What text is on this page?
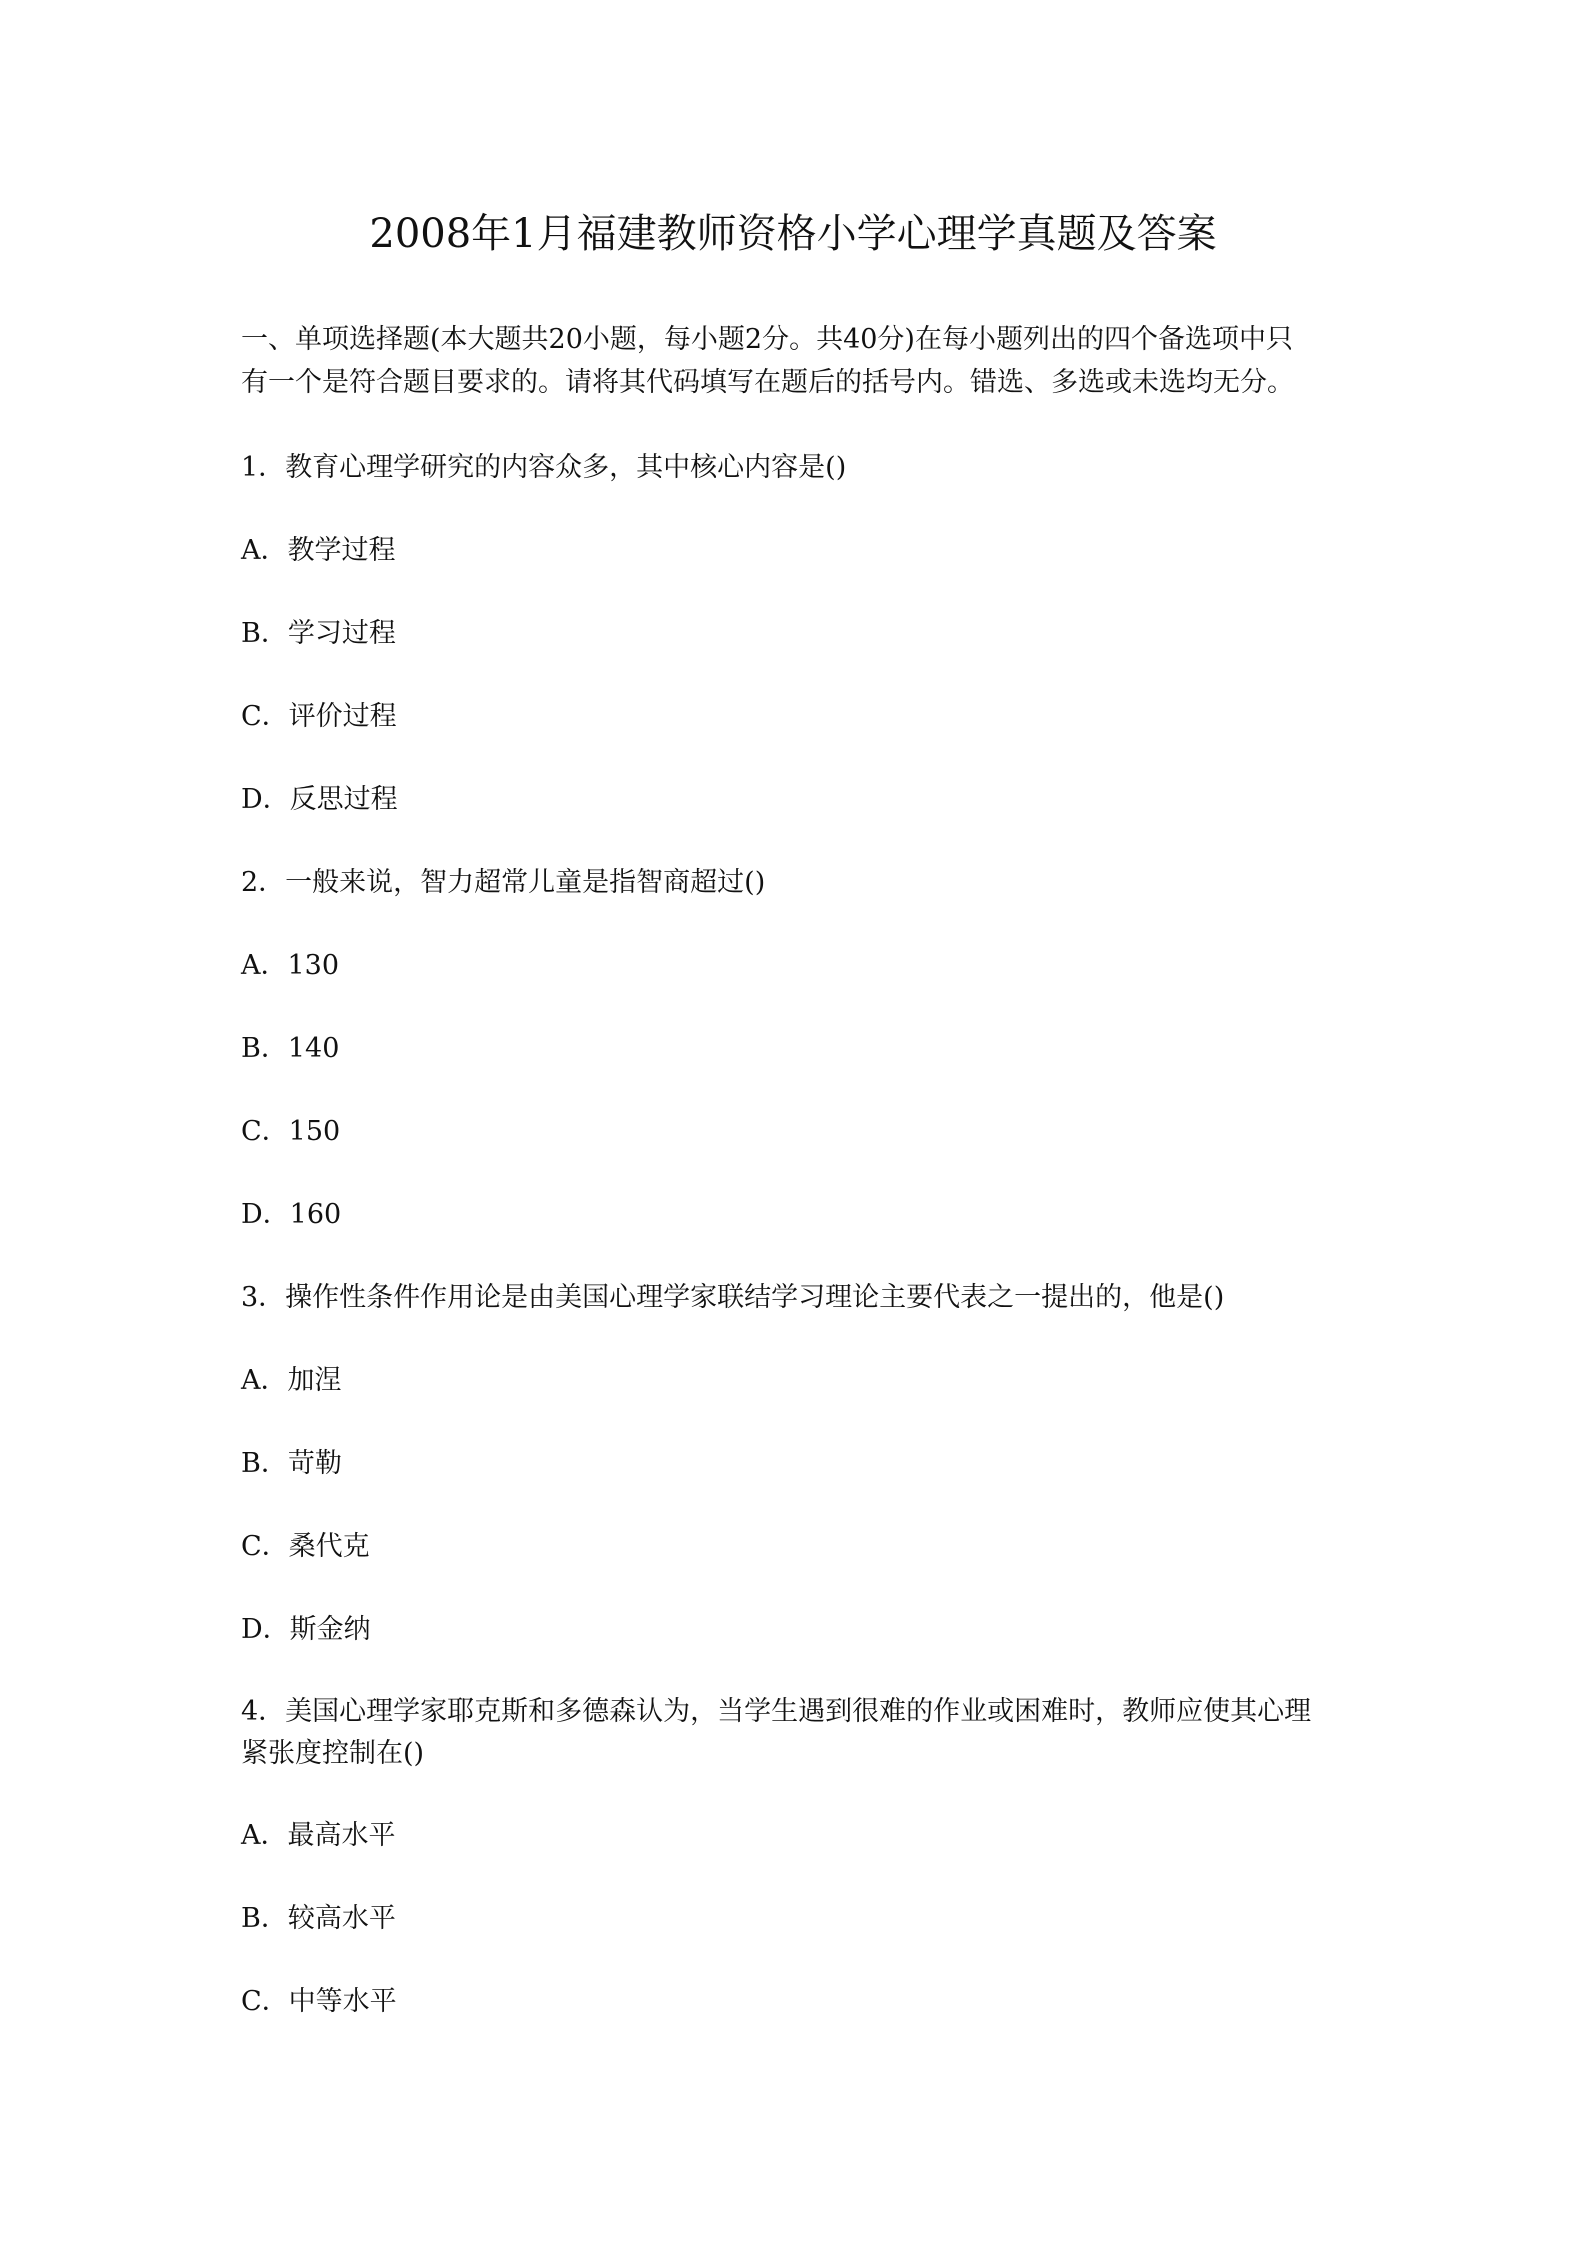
2008年1月福建教师资格小学心理学真题及答案
一、单项选择题(本大题共20小题，每小题2分。共40分)在每小题列出的四个备选项中只
有一个是符合题目要求的。请将其代码填写在题后的括号内。错选、多选或未选均无分。
1．教育心理学研究的内容众多，其中核心内容是()
A．教学过程
B．学习过程
C．评价过程
D．反思过程
2．一般来说，智力超常儿童是指智商超过()
A．130
B．140
C．150
D．160
3．操作性条件作用论是由美国心理学家联结学习理论主要代表之一提出的，他是()
A．加涅
B．苛勒
C．桑代克
D．斯金纳
4．美国心理学家耶克斯和多德森认为，当学生遇到很难的作业或困难时，教师应使其心理
紧张度控制在()
A．最高水平
B．较高水平
C．中等水平
